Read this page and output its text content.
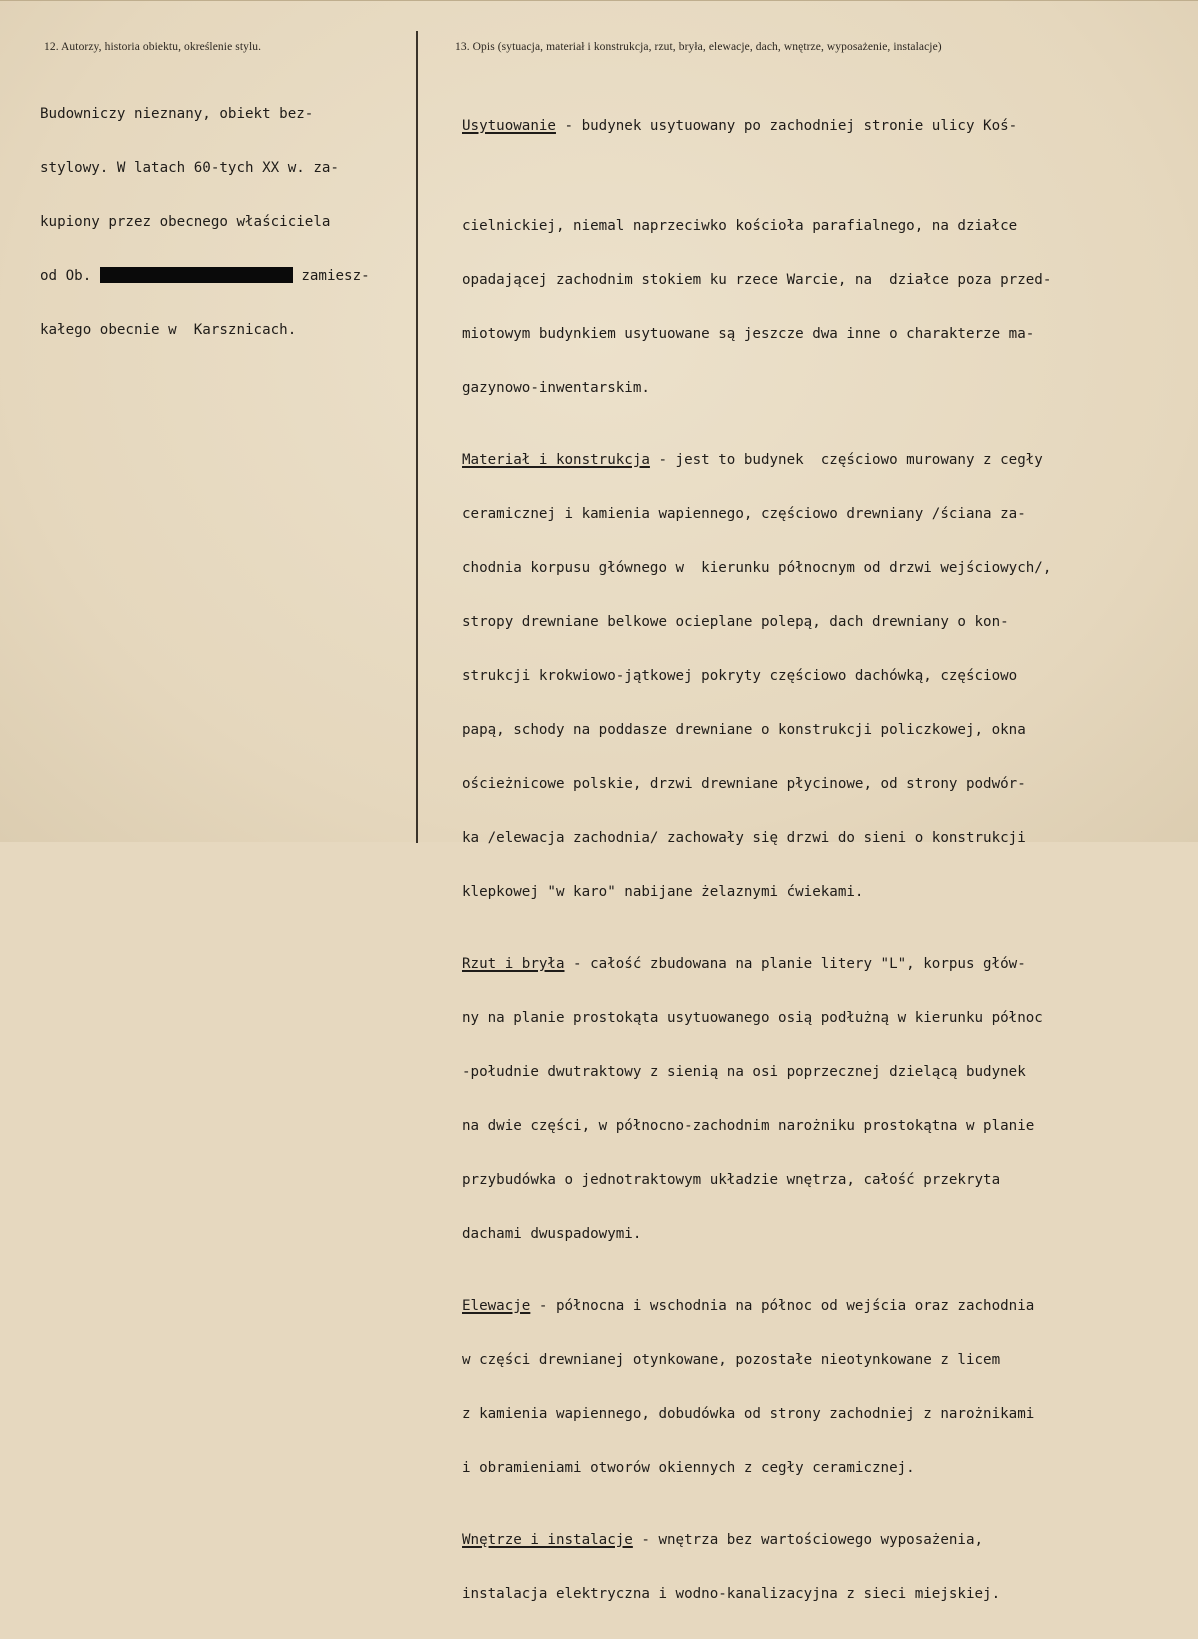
12. Autorzy, historia obiektu, określenie stylu.	13. Opis (sytuacja, materiał i konstrukcja, rzut, bryła, elewacje, dach, wnętrze, wyposażenie, instalacje)

Budowniczy nieznany, obiekt bez-

stylowy. W latach 60-tych XX w. za-

kupiony przez obecnego właściciela

od Ob.	zamiesz-

kałego obecnie w  Karsznicach.

Usytuowanie - budynek usytuowany po zachodniej stronie ulicy Koś-

cielnickiej, niemal naprzeciwko kościoła parafialnego, na działce

opadającej zachodnim stokiem ku rzece Warcie, na  działce poza przed-

miotowym budynkiem usytuowane są jeszcze dwa inne o charakterze ma-

gazynowo-inwentarskim.

Materiał i konstrukcja - jest to budynek  częściowo murowany z cegły

ceramicznej i kamienia wapiennego, częściowo drewniany /ściana za-

chodnia korpusu głównego w  kierunku północnym od drzwi wejściowych/,

stropy drewniane belkowe ocieplane polepą, dach drewniany o kon-

strukcji krokwiowo-jątkowej pokryty częściowo dachówką, częściowo

papą, schody na poddasze drewniane o konstrukcji policzkowej, okna

ościeżnicowe polskie, drzwi drewniane płycinowe, od strony podwór-

ka /elewacja zachodnia/ zachowały się drzwi do sieni o konstrukcji

klepkowej "w karo" nabijane żelaznymi ćwiekami.

Rzut i bryła - całość zbudowana na planie litery "L", korpus głów-

ny na planie prostokąta usytuowanego osią podłużną w kierunku północ

-południe dwutraktowy z sienią na osi poprzecznej dzielącą budynek

na dwie części, w północno-zachodnim narożniku prostokątna w planie

przybudówka o jednotraktowym układzie wnętrza, całość przekryta

dachami dwuspadowymi.

Elewacje - północna i wschodnia na północ od wejścia oraz zachodnia

w części drewnianej otynkowane, pozostałe nieotynkowane z licem

z kamienia wapiennego, dobudówka od strony zachodniej z narożnikami

i obramieniami otworów okiennych z cegły ceramicznej.

Wnętrze i instalacje - wnętrza bez wartościowego wyposażenia,

instalacja elektryczna i wodno-kanalizacyjna z sieci miejskiej.
